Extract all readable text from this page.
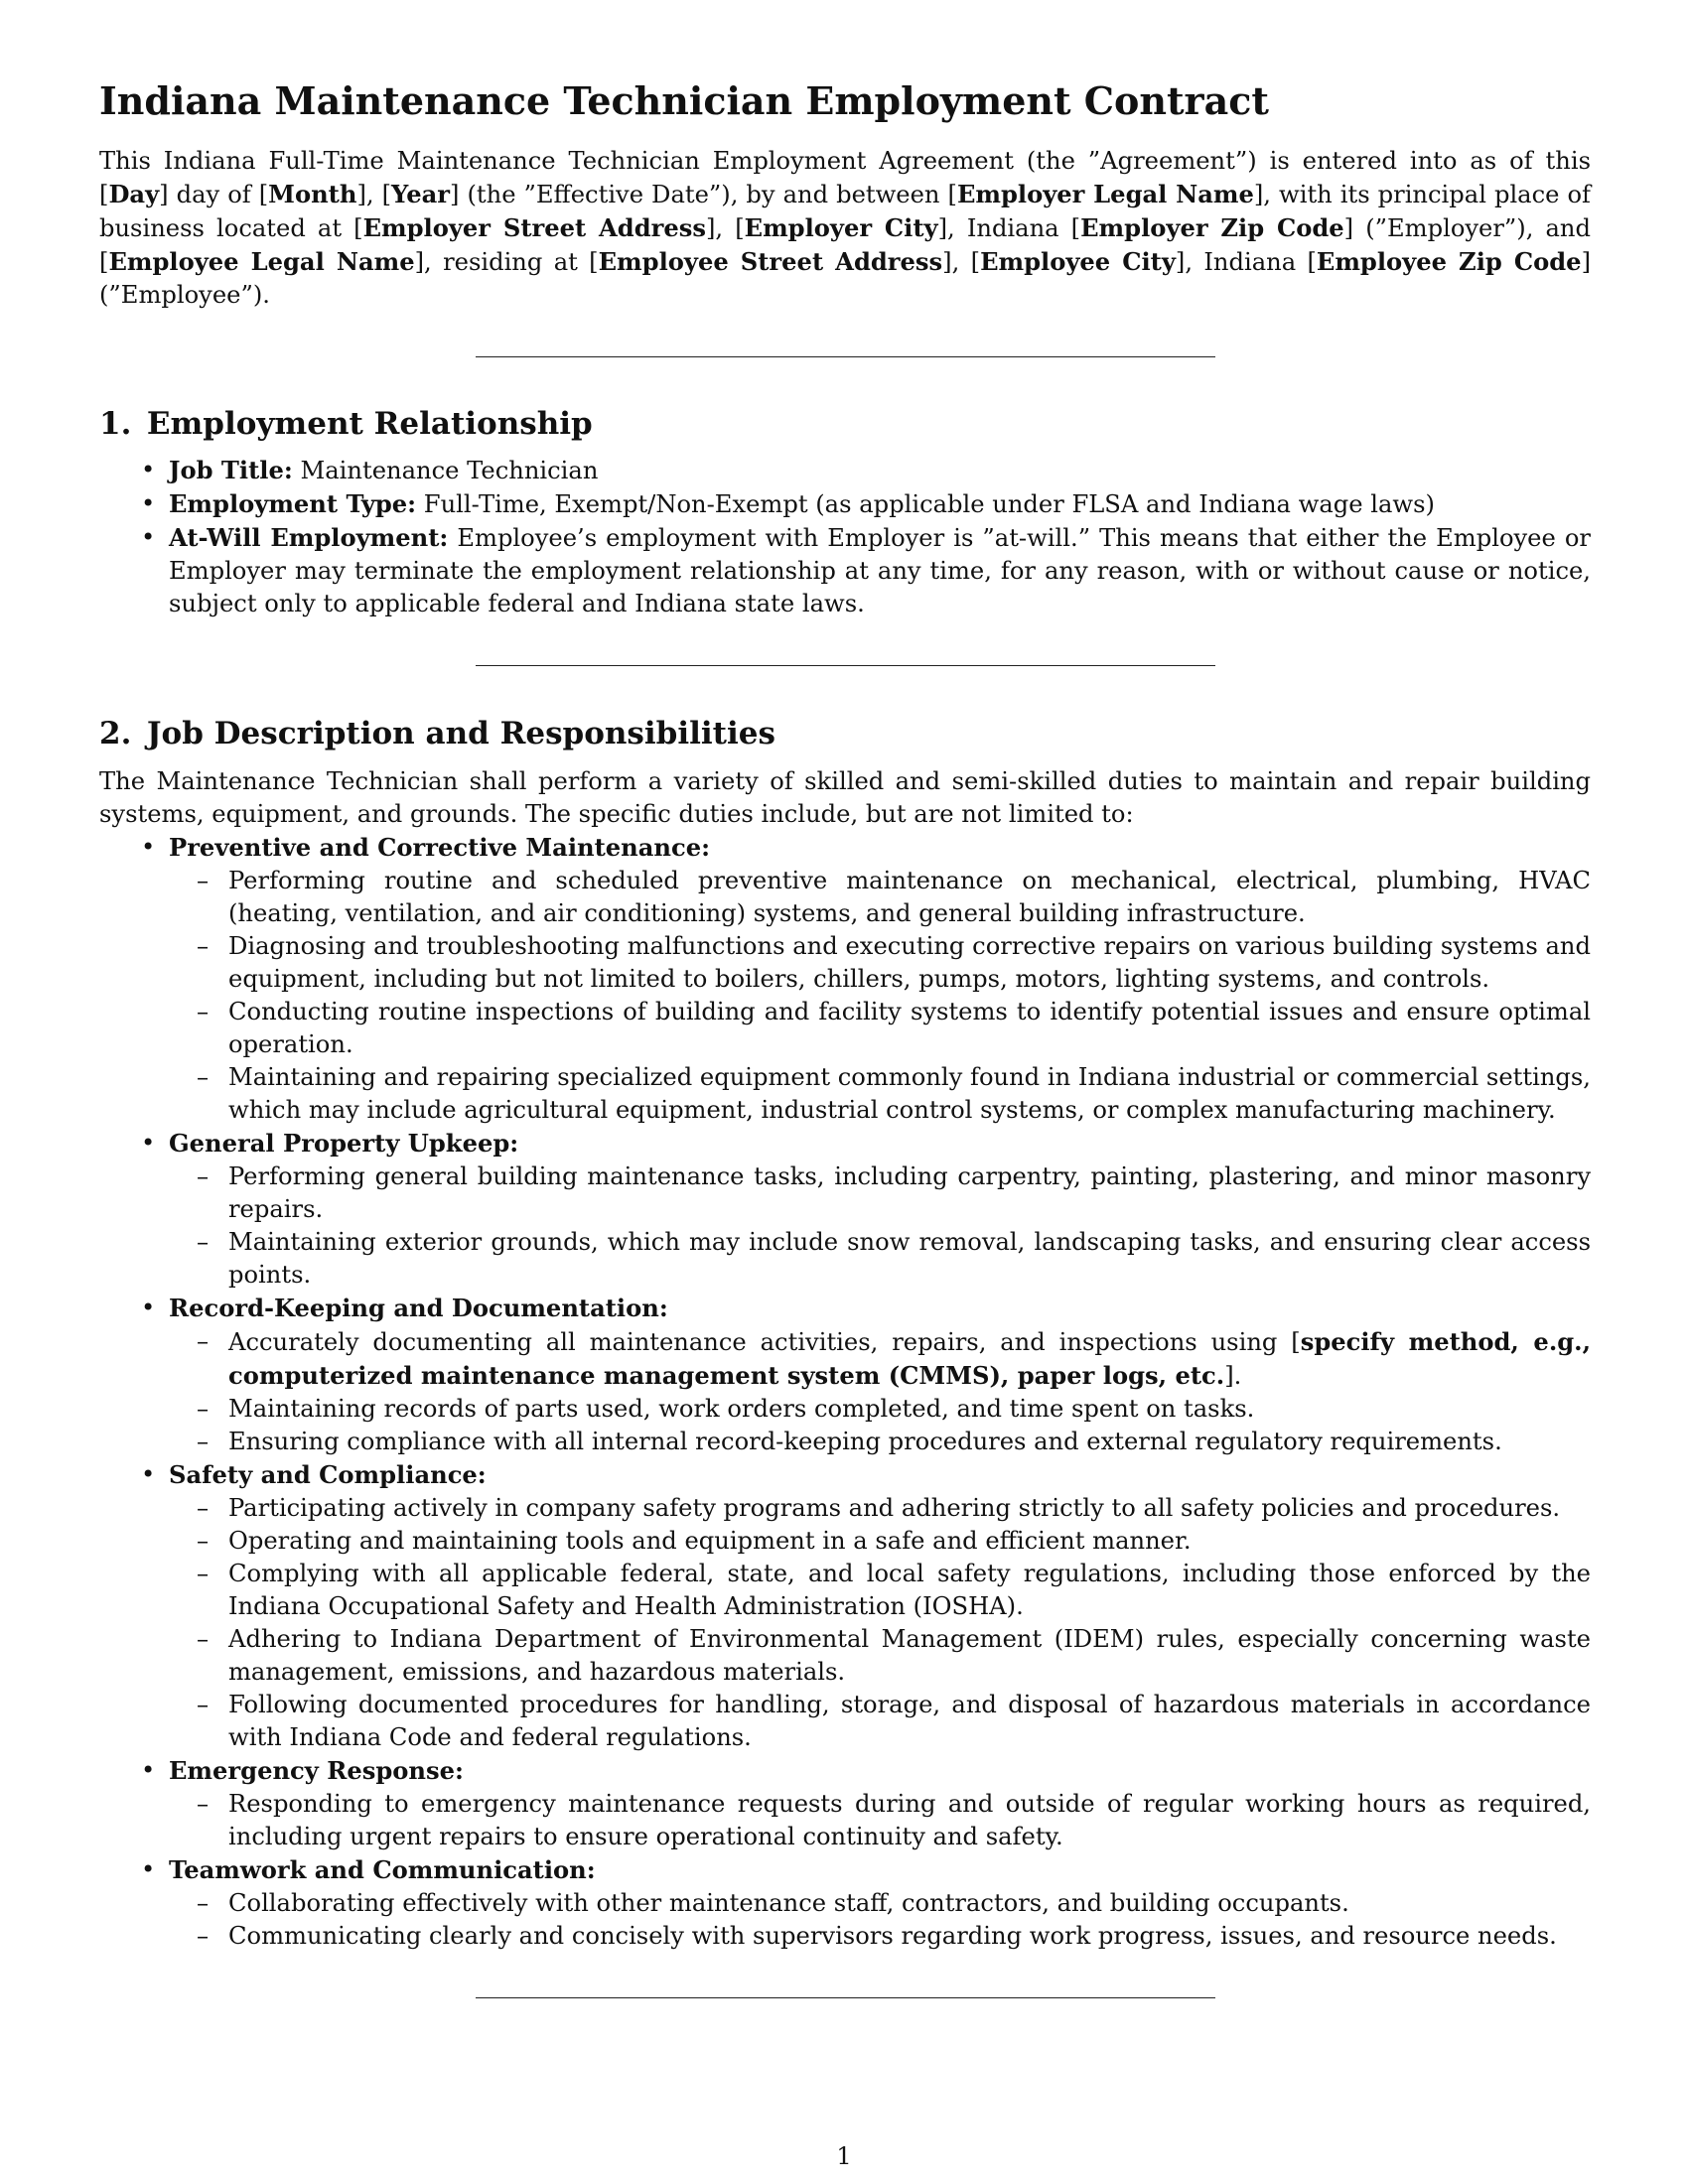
Indiana Maintenance Technician Employment Contract

This Indiana Full-Time Maintenance Technician Employment Agreement (the ”Agreement”) is entered into as of this [Day] day of [Month], [Year] (the ”Effective Date”), by and between [Employer Legal Name], with its principal place of business located at [Employer Street Address], [Employer City], Indiana [Employer Zip Code] (”Employer”), and [Employee Legal Name], residing at [Employee Street Address], [Employee City], Indiana [Employee Zip Code] (”Employee”).

1. Employment Relationship
• Job Title: Maintenance Technician
• Employment Type: Full-Time, Exempt/Non-Exempt (as applicable under FLSA and Indiana wage laws)
• At-Will Employment: Employee’s employment with Employer is ”at-will.” This means that either the Employee or Employer may terminate the employment relationship at any time, for any reason, with or without cause or notice, subject only to applicable federal and Indiana state laws.
2. Job Description and Responsibilities

The Maintenance Technician shall perform a variety of skilled and semi-skilled duties to maintain and repair building systems, equipment, and grounds. The specific duties include, but are not limited to:

• Preventive and Corrective Maintenance:
– Performing routine and scheduled preventive maintenance on mechanical, electrical, plumbing, HVAC (heating, ventilation, and air conditioning) systems, and general building infrastructure.
– Diagnosing and troubleshooting malfunctions and executing corrective repairs on various building systems and equipment, including but not limited to boilers, chillers, pumps, motors, lighting systems, and controls.
– Conducting routine inspections of building and facility systems to identify potential issues and ensure optimal operation.
– Maintaining and repairing specialized equipment commonly found in Indiana industrial or commercial settings, which may include agricultural equipment, industrial control systems, or complex manufacturing machinery.
• General Property Upkeep:
– Performing general building maintenance tasks, including carpentry, painting, plastering, and minor masonry repairs.
– Maintaining exterior grounds, which may include snow removal, landscaping tasks, and ensuring clear access points.
• Record-Keeping and Documentation:
– Accurately documenting all maintenance activities, repairs, and inspections using [specify method, e.g., computerized maintenance management system (CMMS), paper logs, etc.].
– Maintaining records of parts used, work orders completed, and time spent on tasks.
– Ensuring compliance with all internal record-keeping procedures and external regulatory requirements.
• Safety and Compliance:
– Participating actively in company safety programs and adhering strictly to all safety policies and procedures.
– Operating and maintaining tools and equipment in a safe and efficient manner.
– Complying with all applicable federal, state, and local safety regulations, including those enforced by the Indiana Occupational Safety and Health Administration (IOSHA).
– Adhering to Indiana Department of Environmental Management (IDEM) rules, especially concerning waste management, emissions, and hazardous materials.
– Following documented procedures for handling, storage, and disposal of hazardous materials in accordance with Indiana Code and federal regulations.
• Emergency Response:
– Responding to emergency maintenance requests during and outside of regular working hours as required, including urgent repairs to ensure operational continuity and safety.
• Teamwork and Communication:
– Collaborating effectively with other maintenance staff, contractors, and building occupants.
– Communicating clearly and concisely with supervisors regarding work progress, issues, and resource needs.
1
